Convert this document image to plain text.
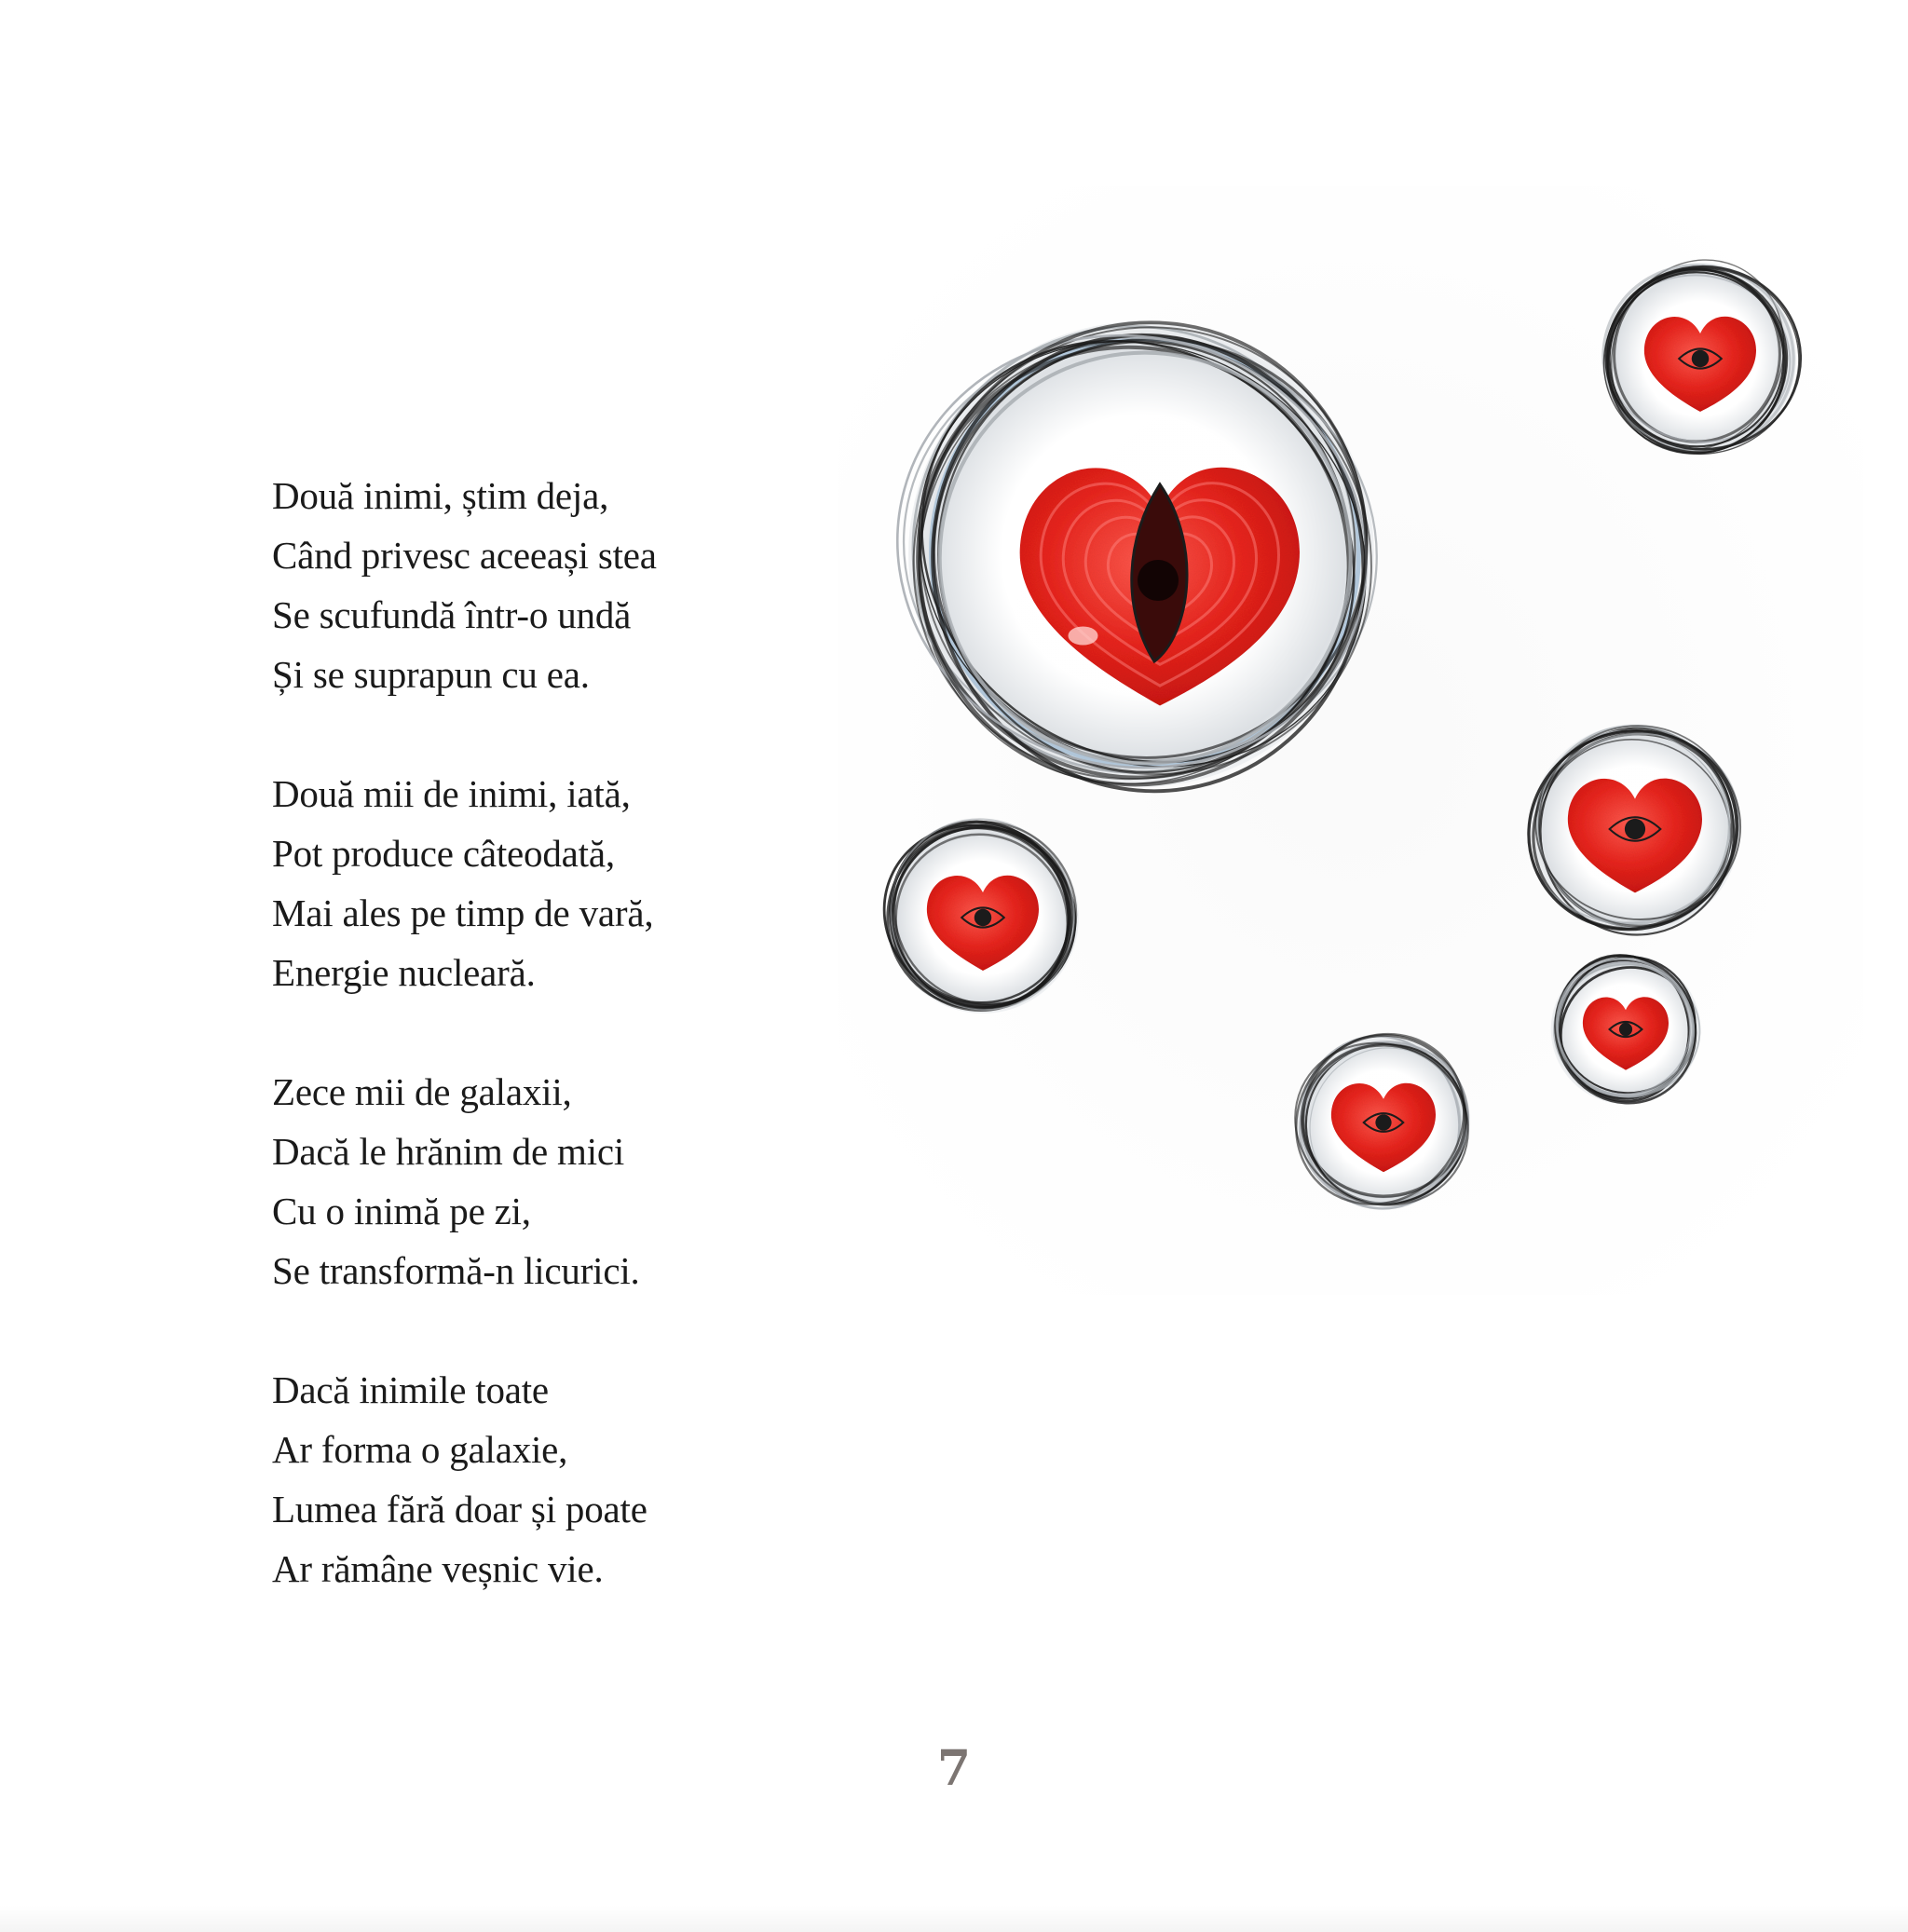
Două inimi, știm deja,
Când privesc aceeași stea
Se scufundă într-o undă
Și se suprapun cu ea.
Două mii de inimi, iată,
Pot produce câteodată,
Mai ales pe timp de vară,
Energie nucleară.
Zece mii de galaxii,
Dacă le hrănim de mici
Cu o inimă pe zi,
Se transformă-n licurici.
Dacă inimile toate
Ar forma o galaxie,
Lumea fără doar și poate
Ar rămâne veșnic vie.
7
